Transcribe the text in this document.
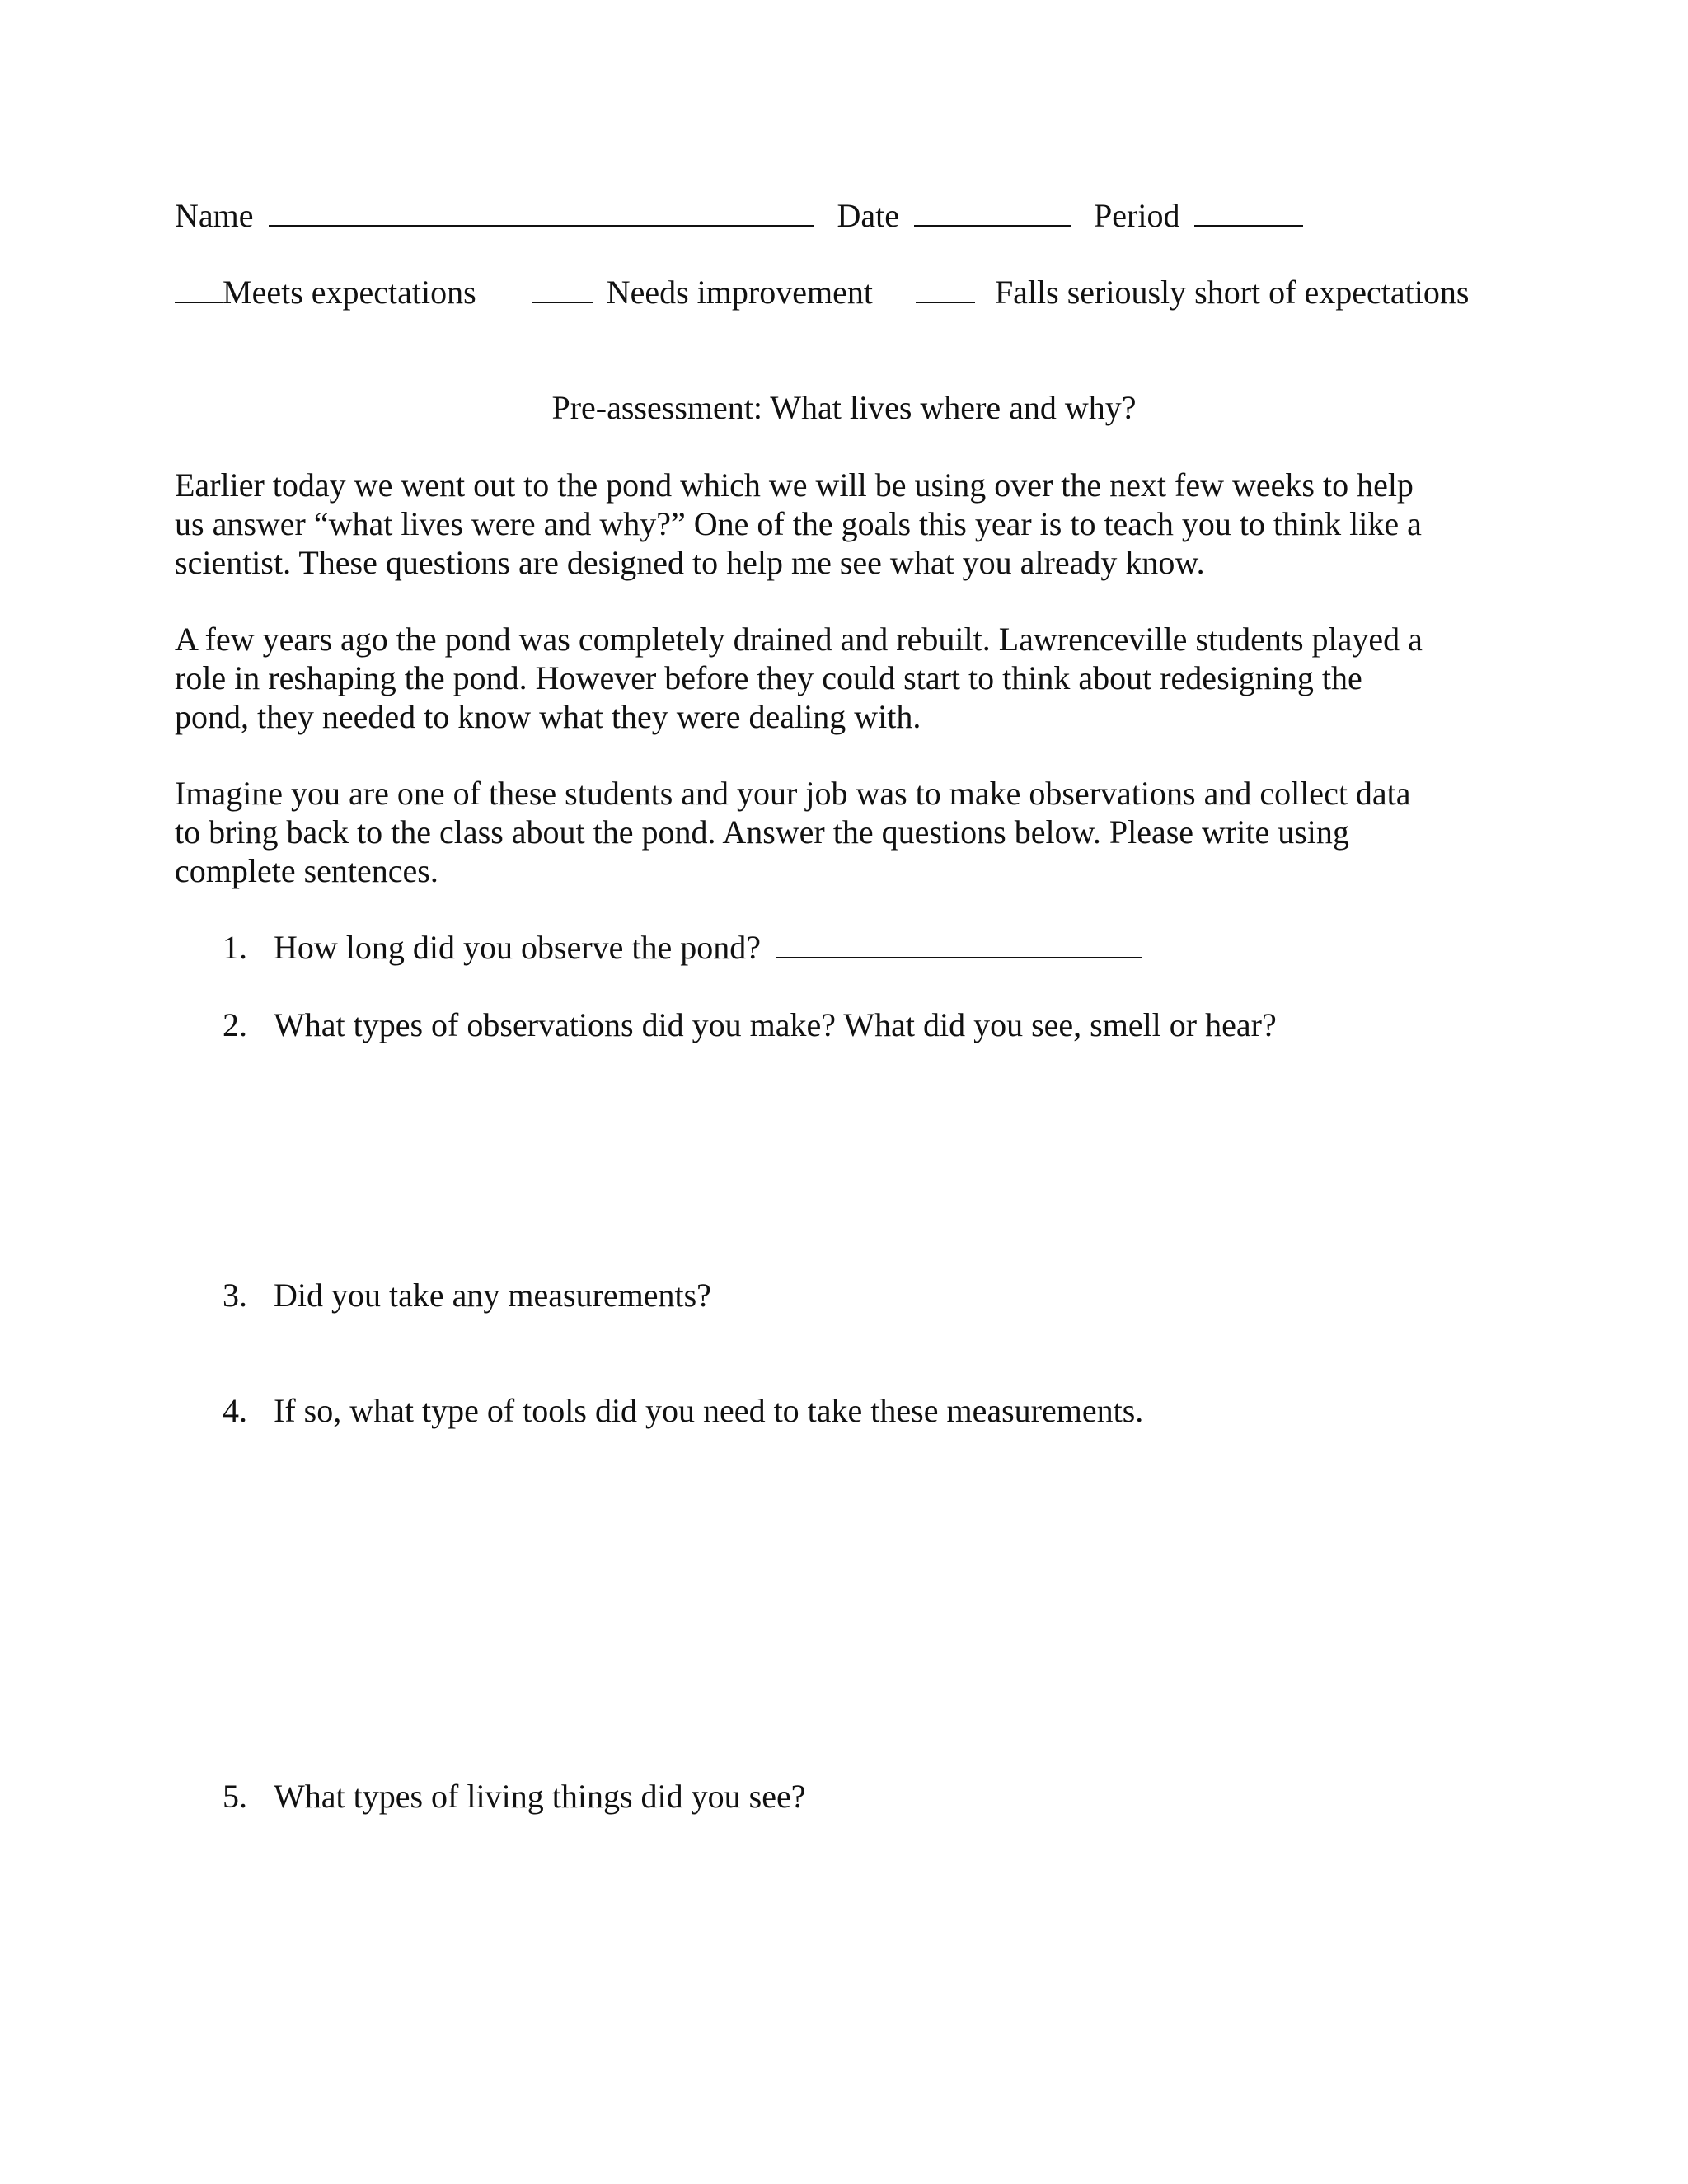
Name	Date	Period
Meets expectations	Needs improvement	Falls seriously short of expectations
Pre-assessment: What lives where and why?
Earlier today we went out to the pond which we will be using over the next few weeks to help
us answer “what lives were and why?” One of the goals this year is to teach you to think like a
scientist. These questions are designed to help me see what you already know.
A few years ago the pond was completely drained and rebuilt. Lawrenceville students played a
role in reshaping the pond. However before they could start to think about redesigning the
pond, they needed to know what they were dealing with.
Imagine you are one of these students and your job was to make observations and collect data
to bring back to the class about the pond. Answer the questions below. Please write using
complete sentences.
1. How long did you observe the pond?
2. What types of observations did you make? What did you see, smell or hear?
3. Did you take any measurements?
4. If so, what type of tools did you need to take these measurements.
5. What types of living things did you see?
